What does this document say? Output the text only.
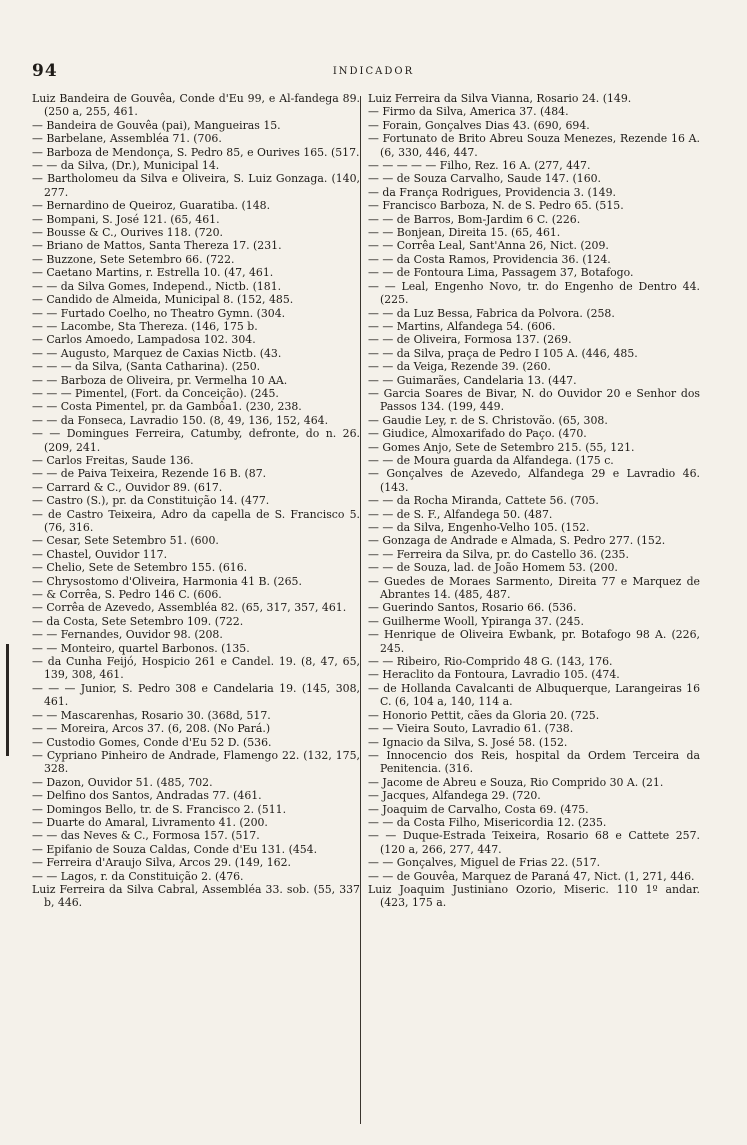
94	INDICADOR

Luiz Bandeira de Gouvêa, Conde d'Eu 99, e Al-fandega 89. (250 a, 255, 461.

— Bandeira de Gouvêa (pai), Mangueiras 15.

— Barbelane, Assembléa 71. (706.

— Barboza de Mendonça, S. Pedro 85, e Ourives 165. (517.

— — da Silva, (Dr.), Municipal 14.

— Bartholomeu da Silva e Oliveira, S. Luiz Gonzaga. (140, 277.

— Bernardino de Queiroz, Guaratiba. (148.

— Bompani, S. José 121. (65, 461.

— Bousse & C., Ourives 118. (720.

— Briano de Mattos, Santa Thereza 17. (231.

— Buzzone, Sete Setembro 66. (722.

— Caetano Martins, r. Estrella 10. (47, 461.

— — da Silva Gomes, Independ., Nictb. (181.

— Candido de Almeida, Municipal 8. (152, 485.

— — Furtado Coelho, no Theatro Gymn. (304.

— — Lacombe, Sta Thereza. (146, 175 b.

— Carlos Amoedo, Lampadosa 102. 304.

— — Augusto, Marquez de Caxias Nictb. (43.

— — — da Silva, (Santa Catharina). (250.

— — Barboza de Oliveira, pr. Vermelha 10 AA.

— — — Pimentel, (Fort. da Conceição). (245.

— — Costa Pimentel, pr. da Gambôa1. (230, 238.

— — da Fonseca, Lavradio 150. (8, 49, 136, 152, 464.

— — Domingues Ferreira, Catumby, defronte, do n. 26. (209, 241.

— Carlos Freitas, Saude 136.

— — de Paiva Teixeira, Rezende 16 B. (87.

— Carrard & C., Ouvidor 89. (617.

— Castro (S.), pr. da Constituição 14. (477.

— de Castro Teixeira, Adro da capella de S. Francisco 5. (76, 316.

— Cesar, Sete Setembro 51. (600.

— Chastel, Ouvidor 117.

— Chelio, Sete de Setembro 155. (616.

— Chrysostomo d'Oliveira, Harmonia 41 B. (265.

— & Corrêa, S. Pedro 146 C. (606.

— Corrêa de Azevedo, Assembléa 82. (65, 317, 357, 461.

— da Costa, Sete Setembro 109. (722.

— — Fernandes, Ouvidor 98. (208.

— — Monteiro, quartel Barbonos. (135.

— da Cunha Feijó, Hospicio 261 e Candel. 19. (8, 47, 65, 139, 308, 461.

— — — Junior, S. Pedro 308 e Candelaria 19. (145, 308, 461.

— — Mascarenhas, Rosario 30. (368d, 517.

— — Moreira, Arcos 37. (6, 208. (No Pará.)

— Custodio Gomes, Conde d'Eu 52 D. (536.

— Cypriano Pinheiro de Andrade, Flamengo 22. (132, 175, 328.

— Dazon, Ouvidor 51. (485, 702.

— Delfino dos Santos, Andradas 77. (461.

— Domingos Bello, tr. de S. Francisco 2. (511.

— Duarte do Amaral, Livramento 41. (200.

— — das Neves & C., Formosa 157. (517.

— Epifanio de Souza Caldas, Conde d'Eu 131. (454.

— Ferreira d'Araujo Silva, Arcos 29. (149, 162.

— — Lagos, r. da Constituição 2. (476.

Luiz Ferreira da Silva Cabral, Assembléa 33. sob. (55, 337 b, 446.

Luiz Ferreira da Silva Vianna, Rosario 24. (149.

— Firmo da Silva, America 37. (484.

— Forain, Gonçalves Dias 43. (690, 694.

— Fortunato de Brito Abreu Souza Menezes, Rezende 16 A. (6, 330, 446, 447.

— — — — — Filho, Rez. 16 A. (277, 447.

— — de Souza Carvalho, Saude 147. (160.

— da França Rodrigues, Providencia 3. (149.

— Francisco Barboza, N. de S. Pedro 65. (515.

— — de Barros, Bom-Jardim 6 C. (226.

— — Bonjean, Direita 15. (65, 461.

— — Corrêa Leal, Sant'Anna 26, Nict. (209.

— — da Costa Ramos, Providencia 36. (124.

— — de Fontoura Lima, Passagem 37, Botafogo.

— — Leal, Engenho Novo, tr. do Engenho de Dentro 44. (225.

— — da Luz Bessa, Fabrica da Polvora. (258.

— — Martins, Alfandega 54. (606.

— — de Oliveira, Formosa 137. (269.

— — da Silva, praça de Pedro I 105 A. (446, 485.

— — da Veiga, Rezende 39. (260.

— — Guimarães, Candelaria 13. (447.

— Garcia Soares de Bivar, N. do Ouvidor 20 e Senhor dos Passos 134. (199, 449.

— Gaudie Ley, r. de S. Christovão. (65, 308.

— Giudice, Almoxarifado do Paço. (470.

— Gomes Anjo, Sete de Setembro 215. (55, 121.

— — de Moura guarda da Alfandega. (175 c.

— Gonçalves de Azevedo, Alfandega 29 e Lavradio 46. (143.

— — da Rocha Miranda, Cattete 56. (705.

— — de S. F., Alfandega 50. (487.

— — da Silva, Engenho-Velho 105. (152.

— Gonzaga de Andrade e Almada, S. Pedro 277. (152.

— — Ferreira da Silva, pr. do Castello 36. (235.

— — de Souza, lad. de João Homem 53. (200.

— Guedes de Moraes Sarmento, Direita 77 e Marquez de Abrantes 14. (485, 487.

— Guerindo Santos, Rosario 66. (536.

— Guilherme Wooll, Ypiranga 37. (245.

— Henrique de Oliveira Ewbank, pr. Botafogo 98 A. (226, 245.

— — Ribeiro, Rio-Comprido 48 G. (143, 176.

— Heraclito da Fontoura, Lavradio 105. (474.

— de Hollanda Cavalcanti de Albuquerque, Larangeiras 16 C. (6, 104 a, 140, 114 a.

— Honorio Pettit, cães da Gloria 20. (725.

— — Vieira Souto, Lavradio 61. (738.

— Ignacio da Silva, S. José 58. (152.

— Innocencio dos Reis, hospital da Ordem Terceira da Penitencia. (316.

— Jacome de Abreu e Souza, Rio Comprido 30 A. (21.

— Jacques, Alfandega 29. (720.

— Joaquim de Carvalho, Costa 69. (475.

— — da Costa Filho, Misericordia 12. (235.

— — Duque-Estrada Teixeira, Rosario 68 e Cattete 257. (120 a, 266, 277, 447.

— — Gonçalves, Miguel de Frias 22. (517.

— — de Gouvêa, Marquez de Paraná 47, Nict. (1, 271, 446.

Luiz Joaquim Justiniano Ozorio, Miseric. 110 1º andar. (423, 175 a.
